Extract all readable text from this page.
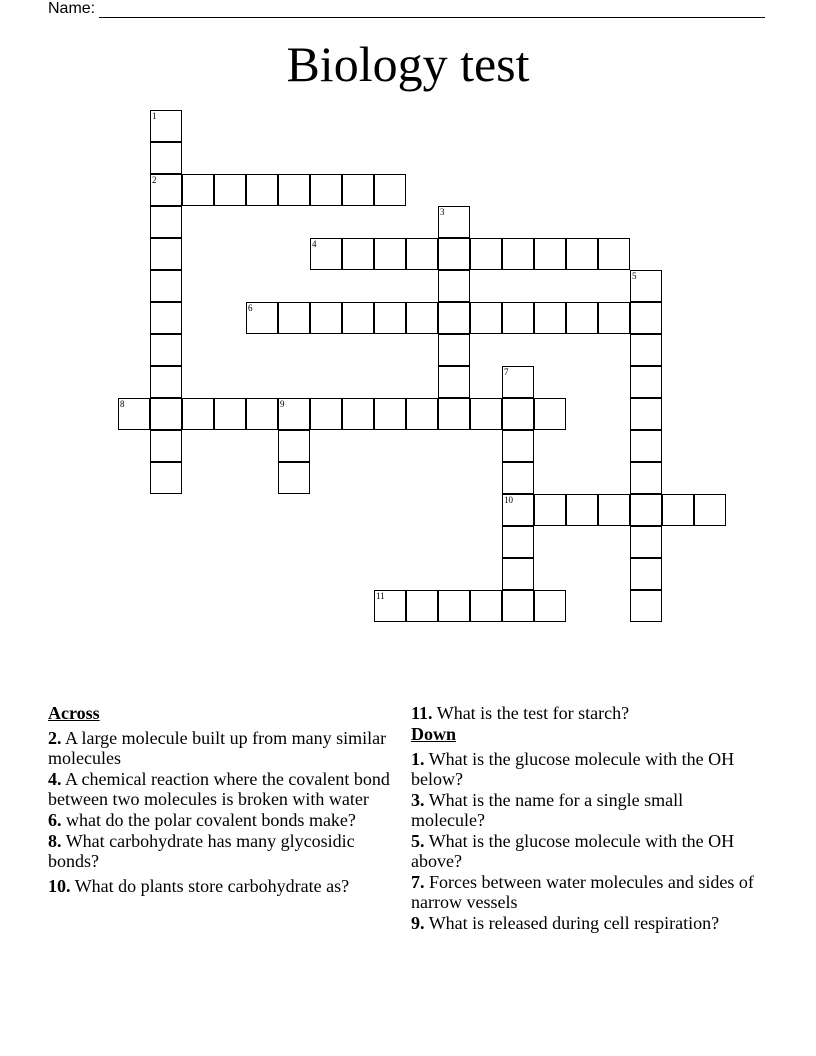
Name:
Biology test
1
2
3
4
5
6
7
10
8	9
11
Across
2. A large molecule built up from many similar molecules
4. A chemical reaction where the covalent bond between two molecules is broken with water
6. what do the polar covalent bonds make?
8. What carbohydrate has many glycosidic bonds?
10. What do plants store carbohydrate as?
11. What is the test for starch?
Down
1. What is the glucose molecule with the OH below?
3. What is the name for a single small molecule?
5. What is the glucose molecule with the OH above?
7. Forces between water molecules and sides of narrow vessels
9. What is released during cell respiration?
